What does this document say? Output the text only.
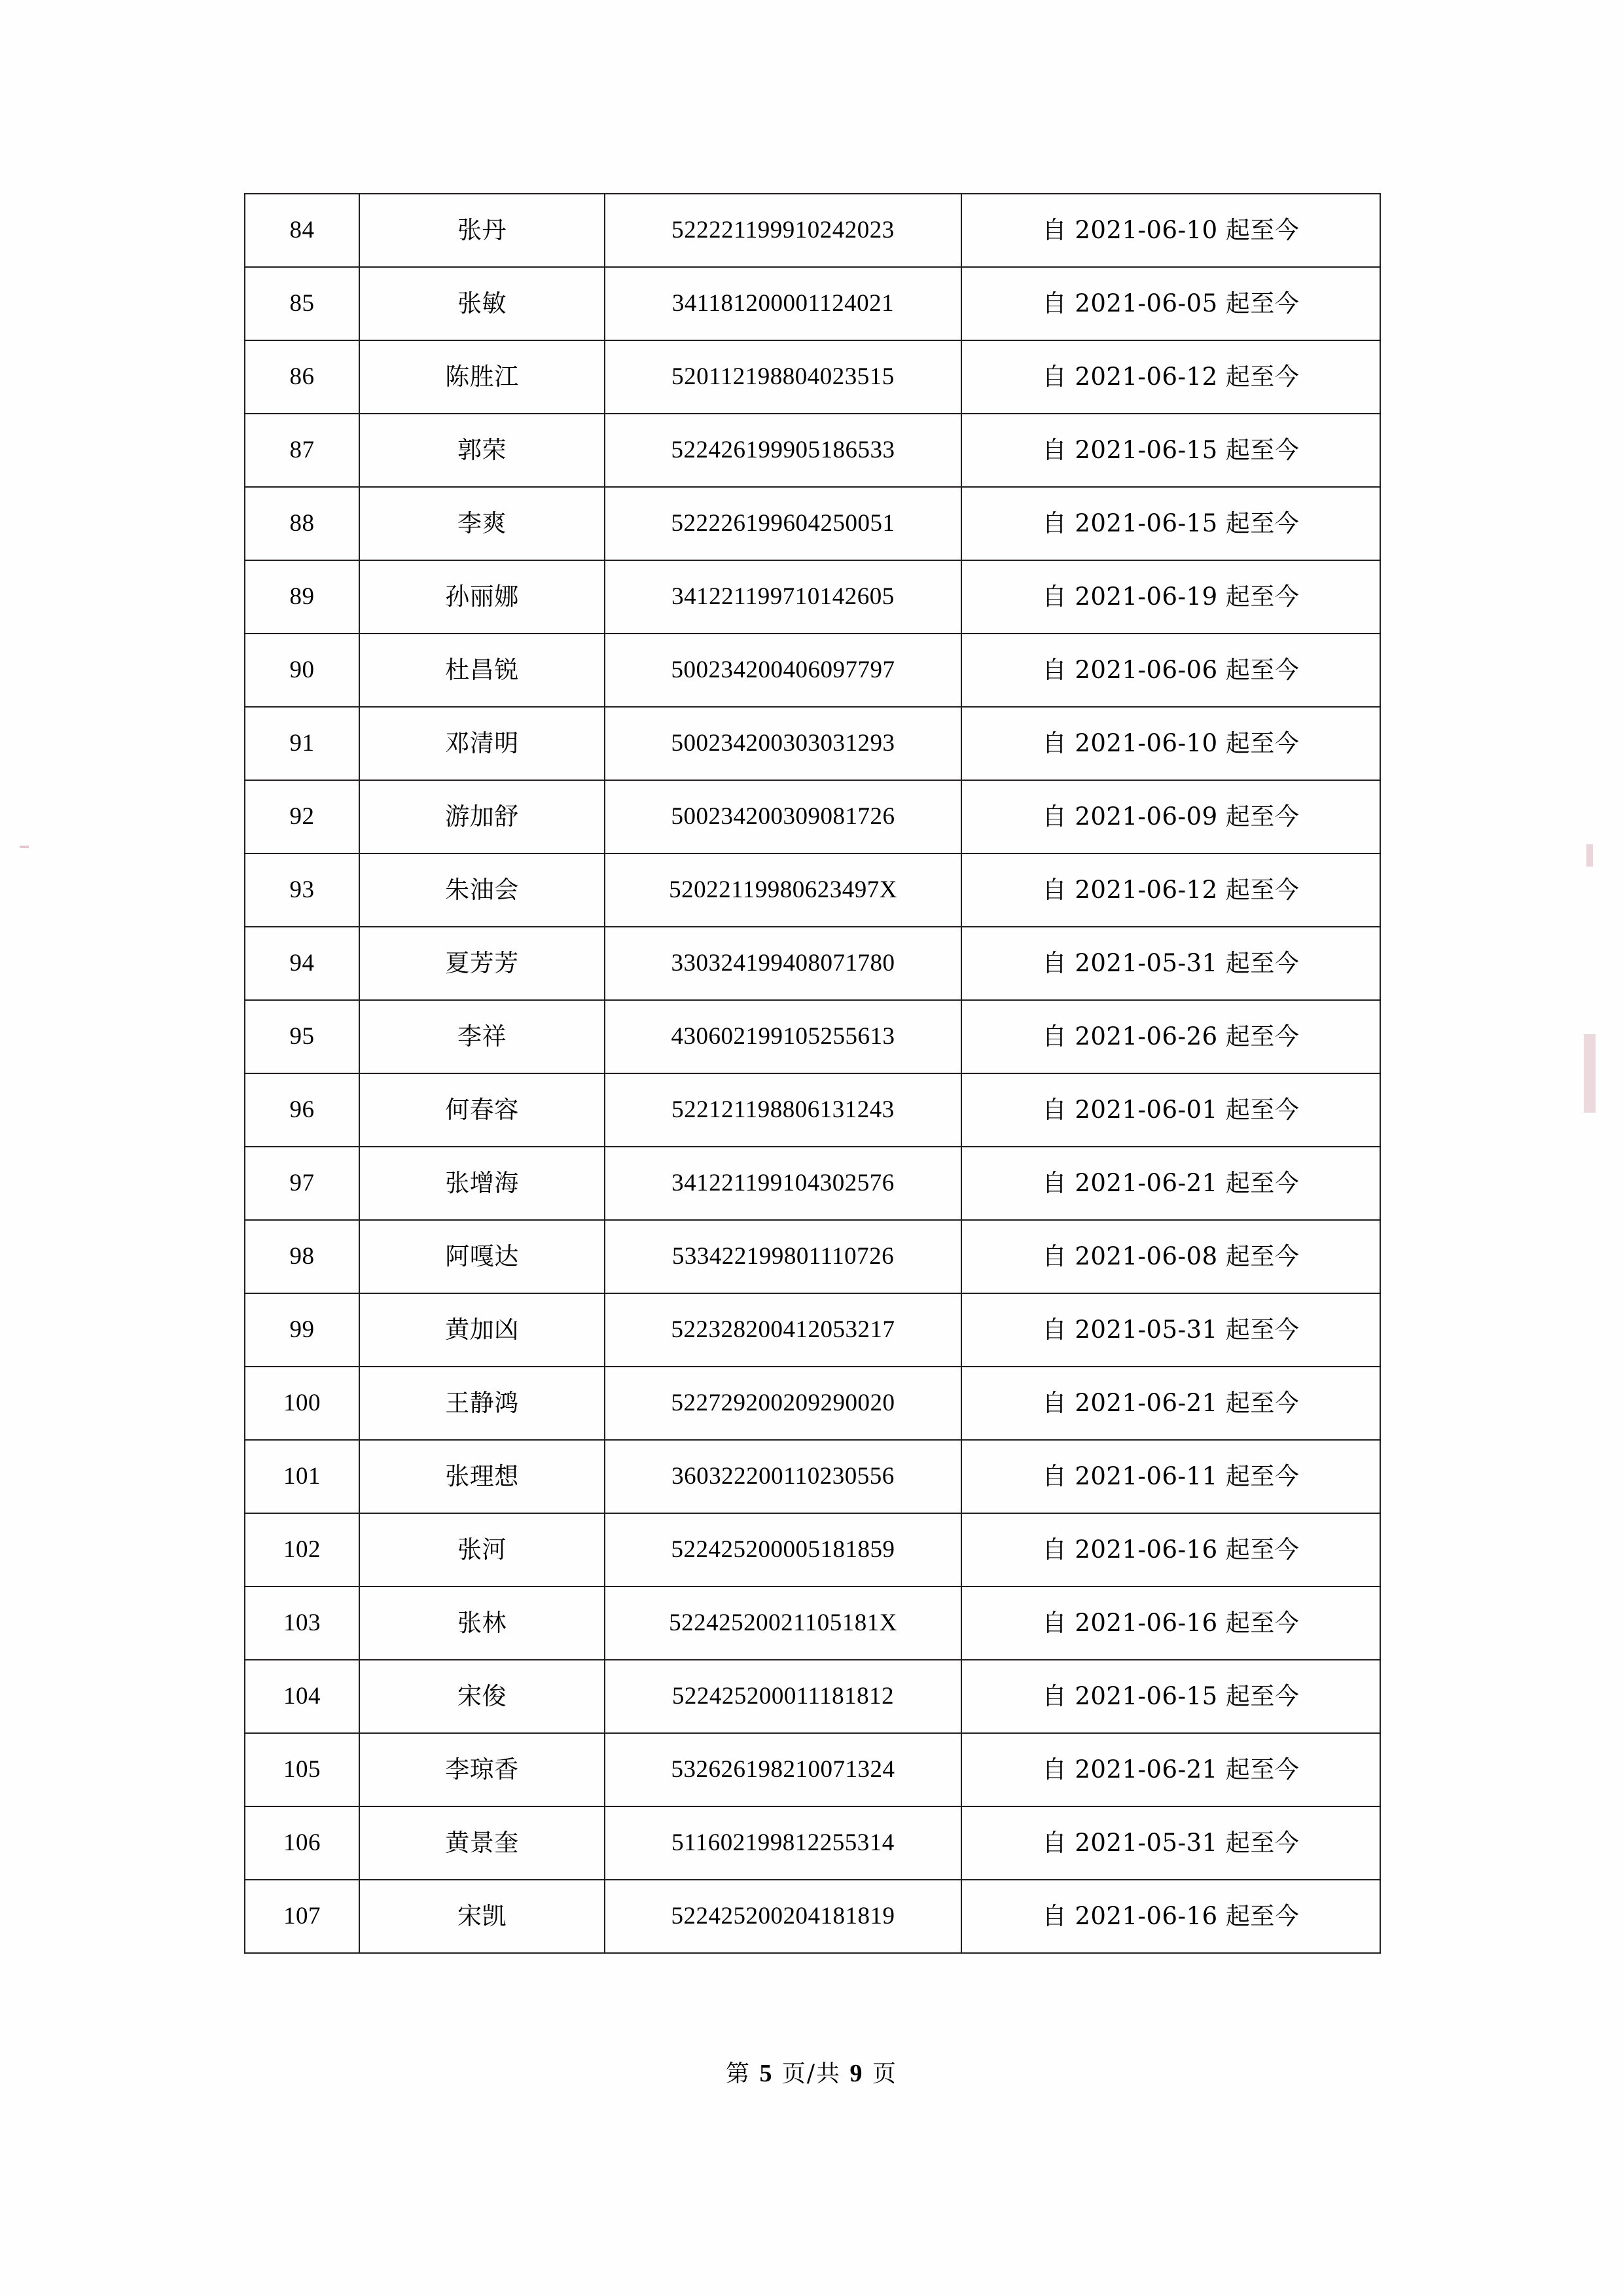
84	张丹	522221199910242023	自 2021-06-10 起至今
85	张敏	341181200001124021	自 2021-06-05 起至今
86	陈胜江	520112198804023515	自 2021-06-12 起至今
87	郭荣	522426199905186533	自 2021-06-15 起至今
88	李爽	522226199604250051	自 2021-06-15 起至今
89	孙丽娜	341221199710142605	自 2021-06-19 起至今
90	杜昌锐	500234200406097797	自 2021-06-06 起至今
91	邓清明	500234200303031293	自 2021-06-10 起至今
92	游加舒	500234200309081726	自 2021-06-09 起至今
93	朱油会	52022119980623497X	自 2021-06-12 起至今
94	夏芳芳	330324199408071780	自 2021-05-31 起至今
95	李祥	430602199105255613	自 2021-06-26 起至今
96	何春容	522121198806131243	自 2021-06-01 起至今
97	张增海	341221199104302576	自 2021-06-21 起至今
98	阿嘎达	533422199801110726	自 2021-06-08 起至今
99	黄加凶	522328200412053217	自 2021-05-31 起至今
100	王静鸿	522729200209290020	自 2021-06-21 起至今
101	张理想	360322200110230556	自 2021-06-11 起至今
102	张河	522425200005181859	自 2021-06-16 起至今
103	张林	52242520021105181X	自 2021-06-16 起至今
104	宋俊	522425200011181812	自 2021-06-15 起至今
105	李琼香	532626198210071324	自 2021-06-21 起至今
106	黄景奎	511602199812255314	自 2021-05-31 起至今
107	宋凯	522425200204181819	自 2021-06-16 起至今
第 5 页/共 9 页
